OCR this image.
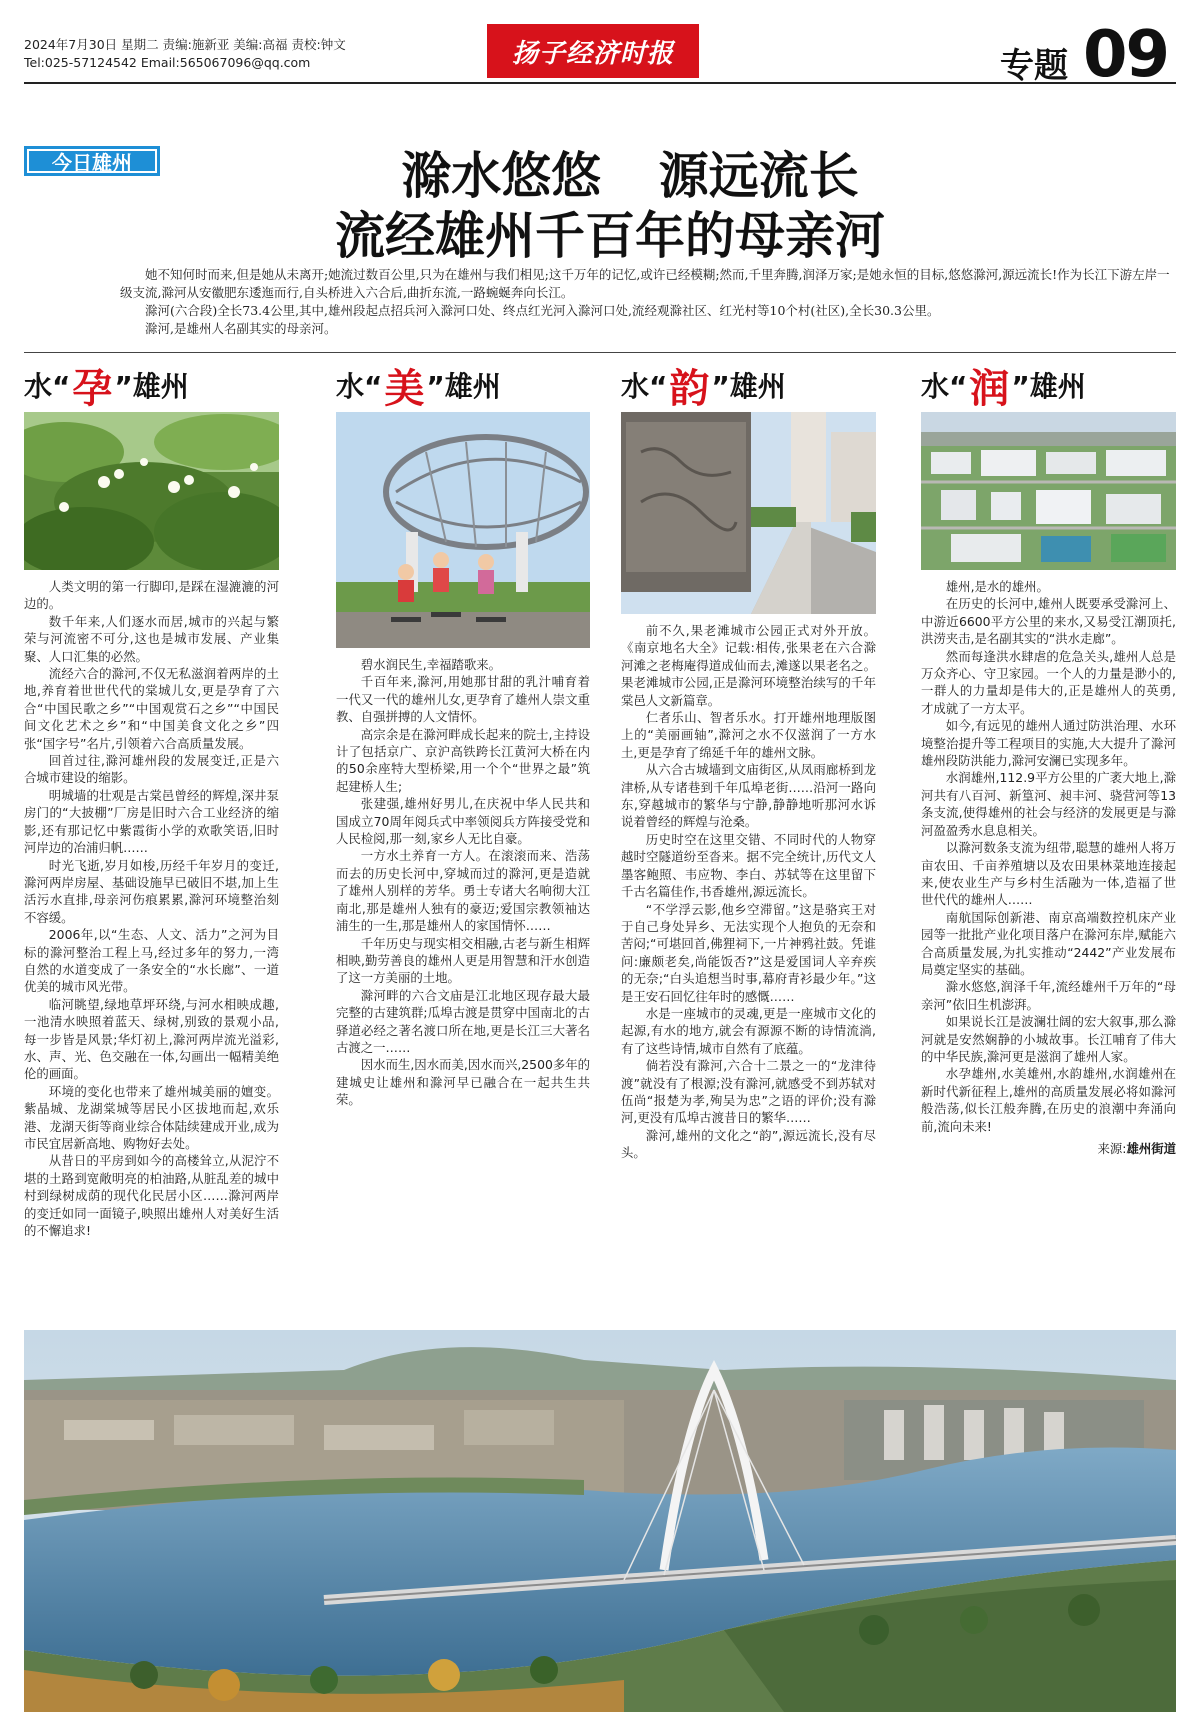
2024年7月30日 星期二 责编:施新亚 美编:高福 责校:钟文
Tel:025-57124542 Email:565067096@qq.com	扬子经济时报	专题 09
今日雄州	滁水悠悠 源远流长
流经雄州千百年的母亲河

她不知何时而来,但是她从未离开;她流过数百公里,只为在雄州与我们相见;这千万年的记忆,或许已经模糊;然而,千里奔腾,润泽万家;是她永恒的目标,悠悠滁河,源远流长!作为长江下游左岸一级支流,滁河从安徽肥东逶迤而行,自头桥进入六合后,曲折东流,一路蜿蜒奔向长江。

滁河(六合段)全长73.4公里,其中,雄州段起点招兵河入滁河口处、终点红光河入滁河口处,流经观滁社区、红光村等10个村(社区),全长30.3公里。

滁河,是雄州人名副其实的母亲河。

水“ 孕 ”雄州

人类文明的第一行脚印,是踩在湿漉漉的河边的。

数千年来,人们逐水而居,城市的兴起与繁荣与河流密不可分,这也是城市发展、产业集聚、人口汇集的必然。

流经六合的滁河,不仅无私滋润着两岸的土地,养育着世世代代的棠城儿女,更是孕育了六合“中国民歌之乡”“中国观赏石之乡”“中国民间文化艺术之乡”和“中国美食文化之乡”四张“国字号”名片,引领着六合高质量发展。

回首过往,滁河雄州段的发展变迁,正是六合城市建设的缩影。

明城墙的壮观是古棠邑曾经的辉煌,深井泵房门的“大披棚”厂房是旧时六合工业经济的缩影,还有那记忆中紫霞街小学的欢歌笑语,旧时河岸边的冶浦归帆……

时光飞逝,岁月如梭,历经千年岁月的变迁,滁河两岸房屋、基础设施早已破旧不堪,加上生活污水直排,母亲河伤痕累累,滁河环境整治刻不容缓。

2006年,以“生态、人文、活力”之河为目标的滁河整治工程上马,经过多年的努力,一湾自然的水道变成了一条安全的“水长廊”、一道优美的城市风光带。

临河眺望,绿地草坪环绕,与河水相映成趣,一池清水映照着蓝天、绿树,别致的景观小品,每一步皆是风景;华灯初上,滁河两岸流光溢彩,水、声、光、色交融在一体,勾画出一幅精美绝伦的画面。

环境的变化也带来了雄州城美丽的嬗变。紫晶城、龙湖棠城等居民小区拔地而起,欢乐港、龙湖天街等商业综合体陆续建成开业,成为市民宜居新高地、购物好去处。

从昔日的平房到如今的高楼耸立,从泥泞不堪的土路到宽敞明亮的柏油路,从脏乱差的城中村到绿树成荫的现代化民居小区……滁河两岸的变迁如同一面镜子,映照出雄州人对美好生活的不懈追求!

水“ 美 ”雄州

碧水润民生,幸福踏歌来。

千百年来,滁河,用她那甘甜的乳汁哺育着一代又一代的雄州儿女,更孕育了雄州人崇文重教、自强拼搏的人文情怀。

高宗余是在滁河畔成长起来的院士,主持设计了包括京广、京沪高铁跨长江黄河大桥在内的50余座特大型桥梁,用一个个“世界之最”筑起建桥人生;

张建强,雄州好男儿,在庆祝中华人民共和国成立70周年阅兵式中率领阅兵方阵接受党和人民检阅,那一刻,家乡人无比自豪。

一方水土养育一方人。在滚滚而来、浩荡而去的历史长河中,穿城而过的滁河,更是造就了雄州人别样的芳华。勇士专诸大名响彻大江南北,那是雄州人独有的豪迈;爱国宗教领袖达浦生的一生,那是雄州人的家国情怀……

千年历史与现实相交相融,古老与新生相辉相映,勤劳善良的雄州人更是用智慧和汗水创造了这一方美丽的土地。

滁河畔的六合文庙是江北地区现存最大最完整的古建筑群;瓜埠古渡是贯穿中国南北的古驿道必经之著名渡口所在地,更是长江三大著名古渡之一……

因水而生,因水而美,因水而兴,2500多年的建城史让雄州和滁河早已融合在一起共生共荣。

水“ 韵 ”雄州

前不久,果老滩城市公园正式对外开放。《南京地名大全》记载:相传,张果老在六合滁河滩之老梅庵得道成仙而去,滩遂以果老名之。果老滩城市公园,正是滁河环境整治续写的千年棠邑人文新篇章。

仁者乐山、智者乐水。打开雄州地理版图上的“美丽画轴”,滁河之水不仅滋润了一方水土,更是孕育了绵延千年的雄州文脉。

从六合古城墙到文庙街区,从凤雨廊桥到龙津桥,从专诸巷到千年瓜埠老街……沿河一路向东,穿越城市的繁华与宁静,静静地听那河水诉说着曾经的辉煌与沧桑。

历史时空在这里交错、不同时代的人物穿越时空隧道纷至沓来。据不完全统计,历代文人墨客鲍照、韦应物、李白、苏轼等在这里留下千古名篇佳作,书香雄州,源远流长。

“不学浮云影,他乡空滞留。”这是骆宾王对于自己身处异乡、无法实现个人抱负的无奈和苦闷;“可堪回首,佛狸祠下,一片神鸦社鼓。凭谁问:廉颇老矣,尚能饭否?”这是爱国词人辛弃疾的无奈;“白头追想当时事,幕府青衫最少年。”这是王安石回忆往年时的感慨……

水是一座城市的灵魂,更是一座城市文化的起源,有水的地方,就会有源源不断的诗情流淌,有了这些诗情,城市自然有了底蕴。

倘若没有滁河,六合十二景之一的“龙津待渡”就没有了根源;没有滁河,就感受不到苏轼对伍尚“报楚为孝,殉吴为忠”之语的评价;没有滁河,更没有瓜埠古渡昔日的繁华……

滁河,雄州的文化之“韵”,源远流长,没有尽头。

水“ 润 ”雄州

雄州,是水的雄州。

在历史的长河中,雄州人既要承受滁河上、中游近6600平方公里的来水,又易受江潮顶托,洪涝夹击,是名副其实的“洪水走廊”。

然而每逢洪水肆虐的危急关头,雄州人总是万众齐心、守卫家园。一个人的力量是渺小的,一群人的力量却是伟大的,正是雄州人的英勇,才成就了一方太平。

如今,有远见的雄州人通过防洪治理、水环境整治提升等工程项目的实施,大大提升了滁河雄州段防洪能力,滁河安澜已实现多年。

水润雄州,112.9平方公里的广袤大地上,滁河共有八百河、新篁河、昶丰河、骁营河等13条支流,使得雄州的社会与经济的发展更是与滁河盈盈秀水息息相关。

以滁河数条支流为纽带,聪慧的雄州人将万亩农田、千亩养殖塘以及农田果林菜地连接起来,使农业生产与乡村生活融为一体,造福了世世代代的雄州人……

南航国际创新港、南京高端数控机床产业园等一批批产业化项目落户在滁河东岸,赋能六合高质量发展,为扎实推动“2442”产业发展布局奠定坚实的基础。

滁水悠悠,润泽千年,流经雄州千万年的“母亲河”依旧生机澎湃。

如果说长江是波澜壮阔的宏大叙事,那么滁河就是安然娴静的小城故事。长江哺育了伟大的中华民族,滁河更是滋润了雄州人家。

水孕雄州,水美雄州,水韵雄州,水润雄州在新时代新征程上,雄州的高质量发展必将如滁河般浩荡,似长江般奔腾,在历史的浪潮中奔涌向前,流向未来!

来源:雄州街道
